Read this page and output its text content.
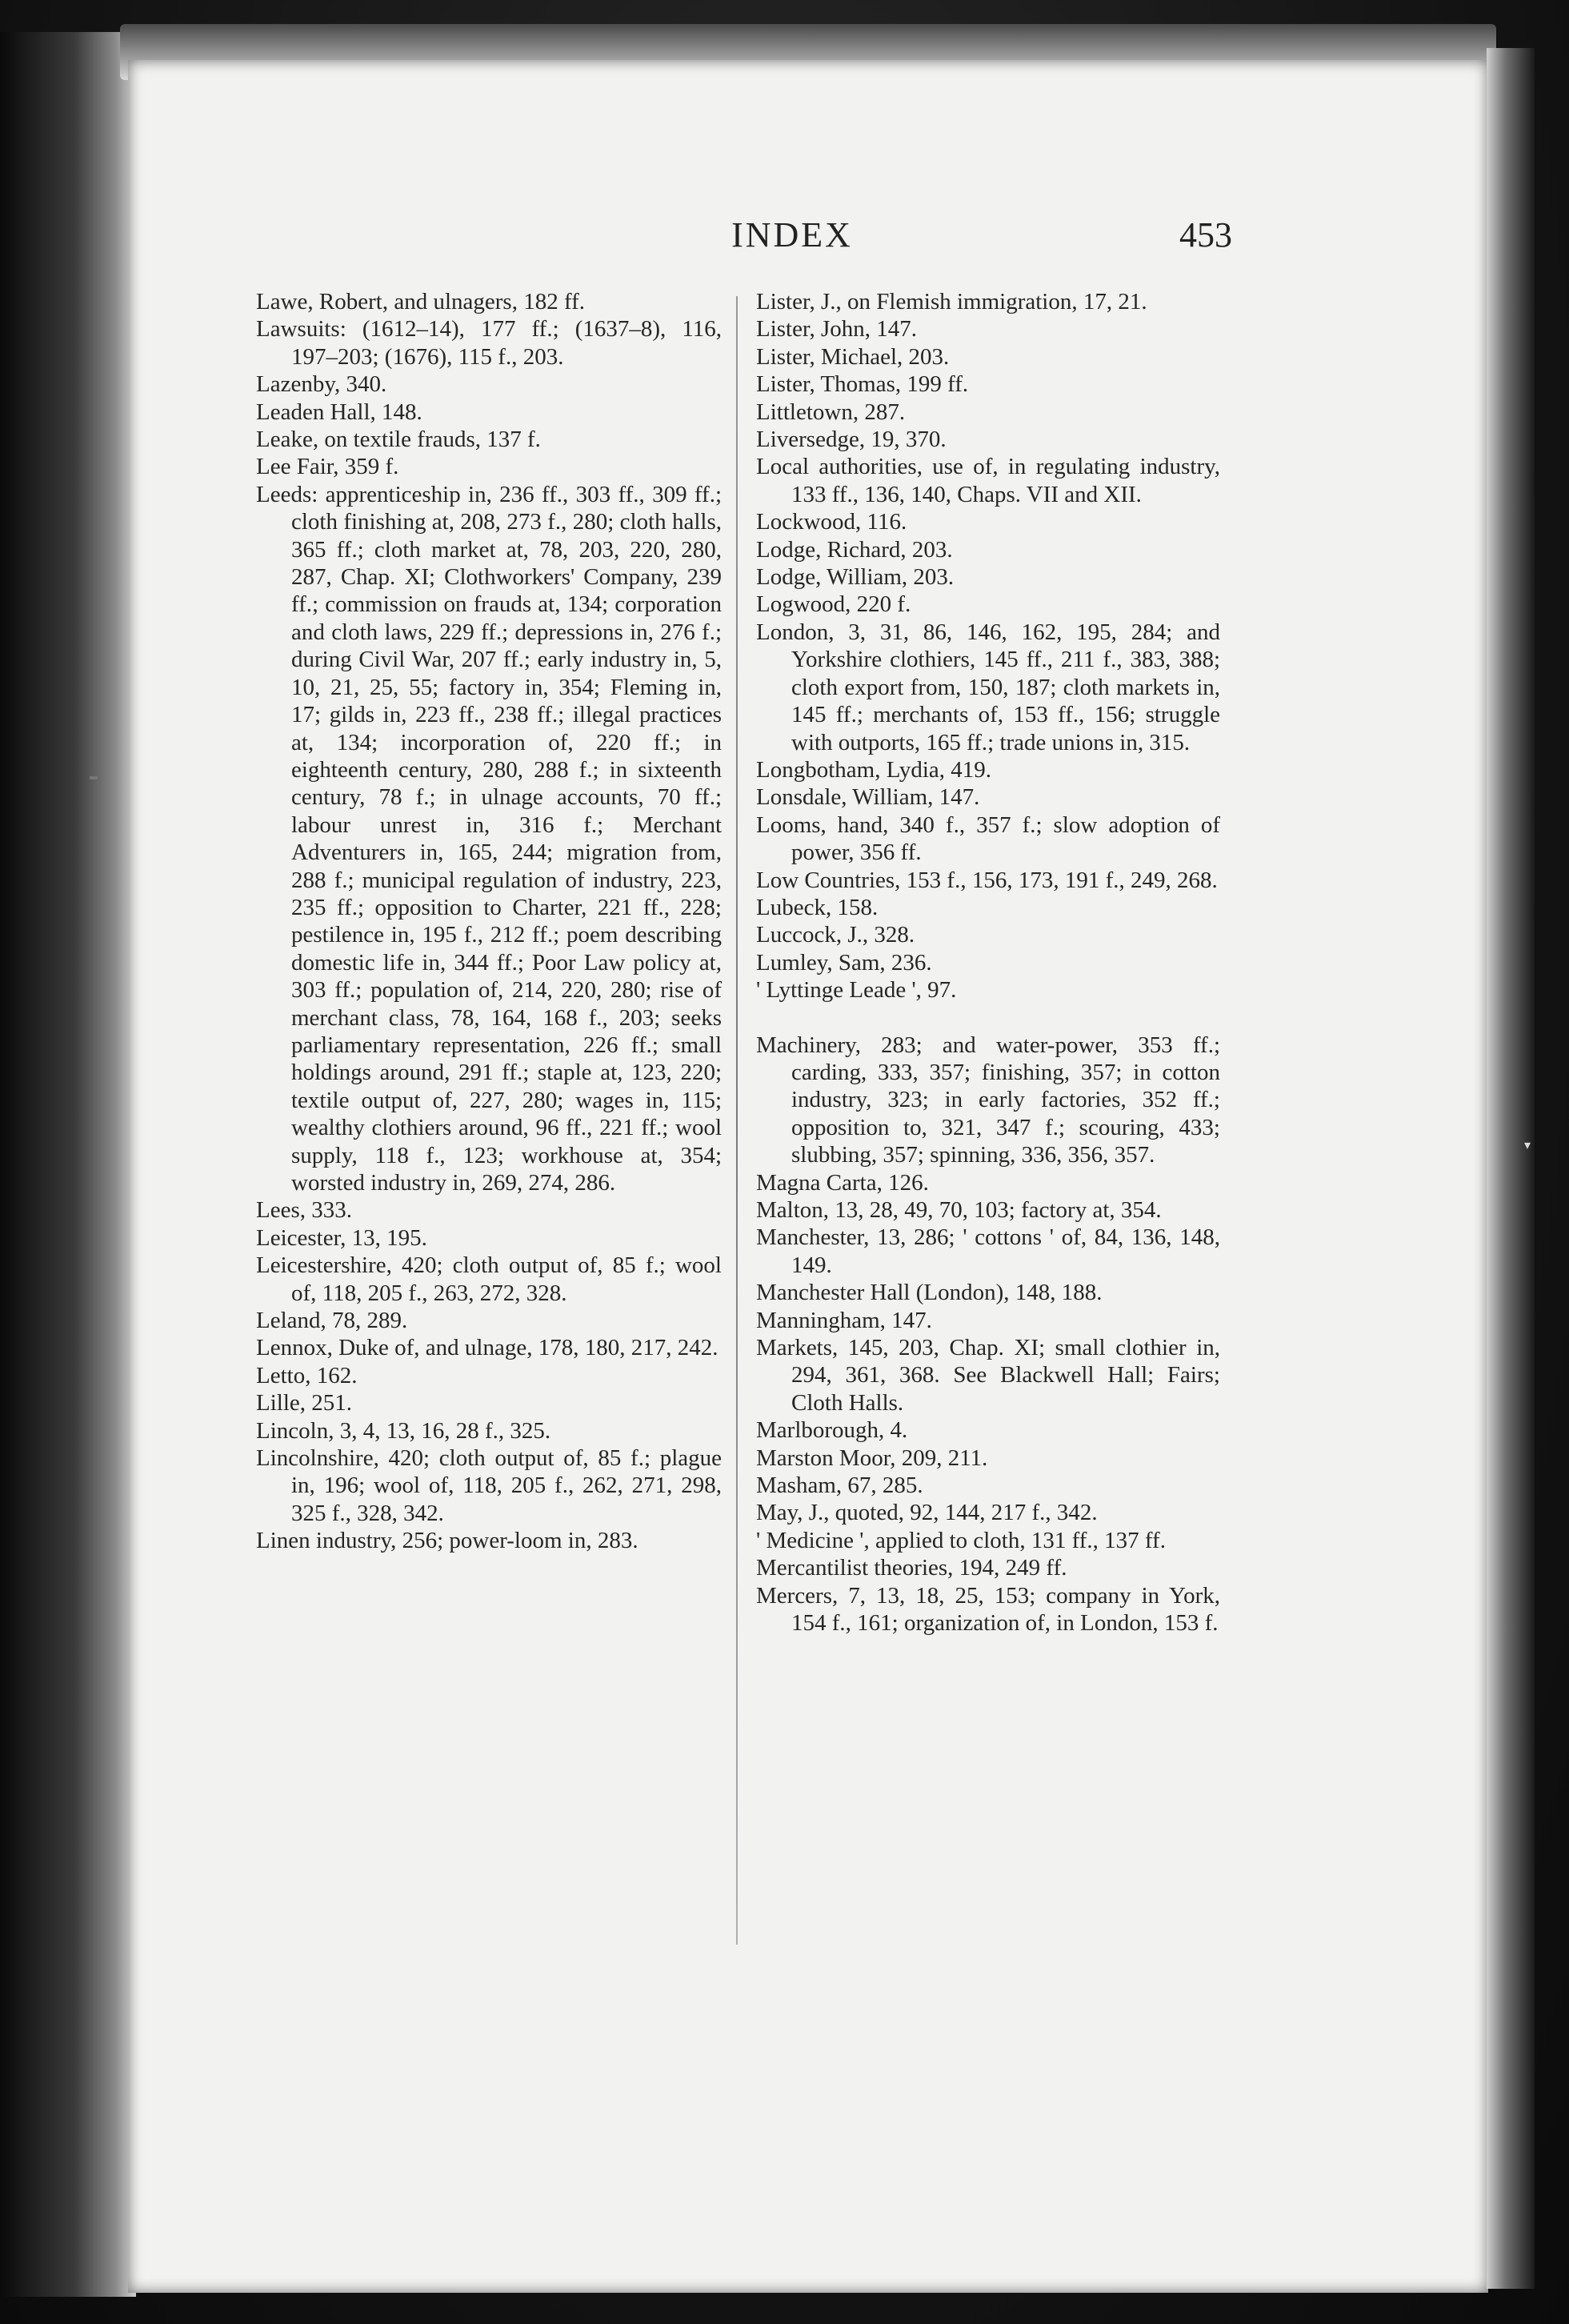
INDEX	453
Lawe, Robert, and ulnagers, 182 ff.
Lawsuits: (1612–14), 177 ff.; (1637–8), 116, 197–203; (1676), 115 f., 203.
Lazenby, 340.
Leaden Hall, 148.
Leake, on textile frauds, 137 f.
Lee Fair, 359 f.
Leeds: apprenticeship in, 236 ff., 303 ff., 309 ff.; cloth finishing at, 208, 273 f., 280; cloth halls, 365 ff.; cloth market at, 78, 203, 220, 280, 287, Chap. XI; Clothworkers' Company, 239 ff.; commission on frauds at, 134; corporation and cloth laws, 229 ff.; depressions in, 276 f.; during Civil War, 207 ff.; early industry in, 5, 10, 21, 25, 55; factory in, 354; Fleming in, 17; gilds in, 223 ff., 238 ff.; illegal practices at, 134; incorporation of, 220 ff.; in eighteenth century, 280, 288 f.; in sixteenth century, 78 f.; in ulnage accounts, 70 ff.; labour unrest in, 316 f.; Merchant Adventurers in, 165, 244; migration from, 288 f.; municipal regulation of industry, 223, 235 ff.; opposition to Charter, 221 ff., 228; pestilence in, 195 f., 212 ff.; poem describing domestic life in, 344 ff.; Poor Law policy at, 303 ff.; population of, 214, 220, 280; rise of merchant class, 78, 164, 168 f., 203; seeks parliamentary representation, 226 ff.; small holdings around, 291 ff.; staple at, 123, 220; textile output of, 227, 280; wages in, 115; wealthy clothiers around, 96 ff., 221 ff.; wool supply, 118 f., 123; workhouse at, 354; worsted industry in, 269, 274, 286.
Lees, 333.
Leicester, 13, 195.
Leicestershire, 420; cloth output of, 85 f.; wool of, 118, 205 f., 263, 272, 328.
Leland, 78, 289.
Lennox, Duke of, and ulnage, 178, 180, 217, 242.
Letto, 162.
Lille, 251.
Lincoln, 3, 4, 13, 16, 28 f., 325.
Lincolnshire, 420; cloth output of, 85 f.; plague in, 196; wool of, 118, 205 f., 262, 271, 298, 325 f., 328, 342.
Linen industry, 256; power-loom in, 283.
Lister, J., on Flemish immigration, 17, 21.
Lister, John, 147.
Lister, Michael, 203.
Lister, Thomas, 199 ff.
Littletown, 287.
Liversedge, 19, 370.
Local authorities, use of, in regulating industry, 133 ff., 136, 140, Chaps. VII and XII.
Lockwood, 116.
Lodge, Richard, 203.
Lodge, William, 203.
Logwood, 220 f.
London, 3, 31, 86, 146, 162, 195, 284; and Yorkshire clothiers, 145 ff., 211 f., 383, 388; cloth export from, 150, 187; cloth markets in, 145 ff.; merchants of, 153 ff., 156; struggle with outports, 165 ff.; trade unions in, 315.
Longbotham, Lydia, 419.
Lonsdale, William, 147.
Looms, hand, 340 f., 357 f.; slow adoption of power, 356 ff.
Low Countries, 153 f., 156, 173, 191 f., 249, 268.
Lubeck, 158.
Luccock, J., 328.
Lumley, Sam, 236.
' Lyttinge Leade ', 97.
Machinery, 283; and water-power, 353 ff.; carding, 333, 357; finishing, 357; in cotton industry, 323; in early factories, 352 ff.; opposition to, 321, 347 f.; scouring, 433; slubbing, 357; spinning, 336, 356, 357.
Magna Carta, 126.
Malton, 13, 28, 49, 70, 103; factory at, 354.
Manchester, 13, 286; ' cottons ' of, 84, 136, 148, 149.
Manchester Hall (London), 148, 188.
Manningham, 147.
Markets, 145, 203, Chap. XI; small clothier in, 294, 361, 368. See Blackwell Hall; Fairs; Cloth Halls.
Marlborough, 4.
Marston Moor, 209, 211.
Masham, 67, 285.
May, J., quoted, 92, 144, 217 f., 342.
' Medicine ', applied to cloth, 131 ff., 137 ff.
Mercantilist theories, 194, 249 ff.
Mercers, 7, 13, 18, 25, 153; company in York, 154 f., 161; organization of, in London, 153 f.
▾
